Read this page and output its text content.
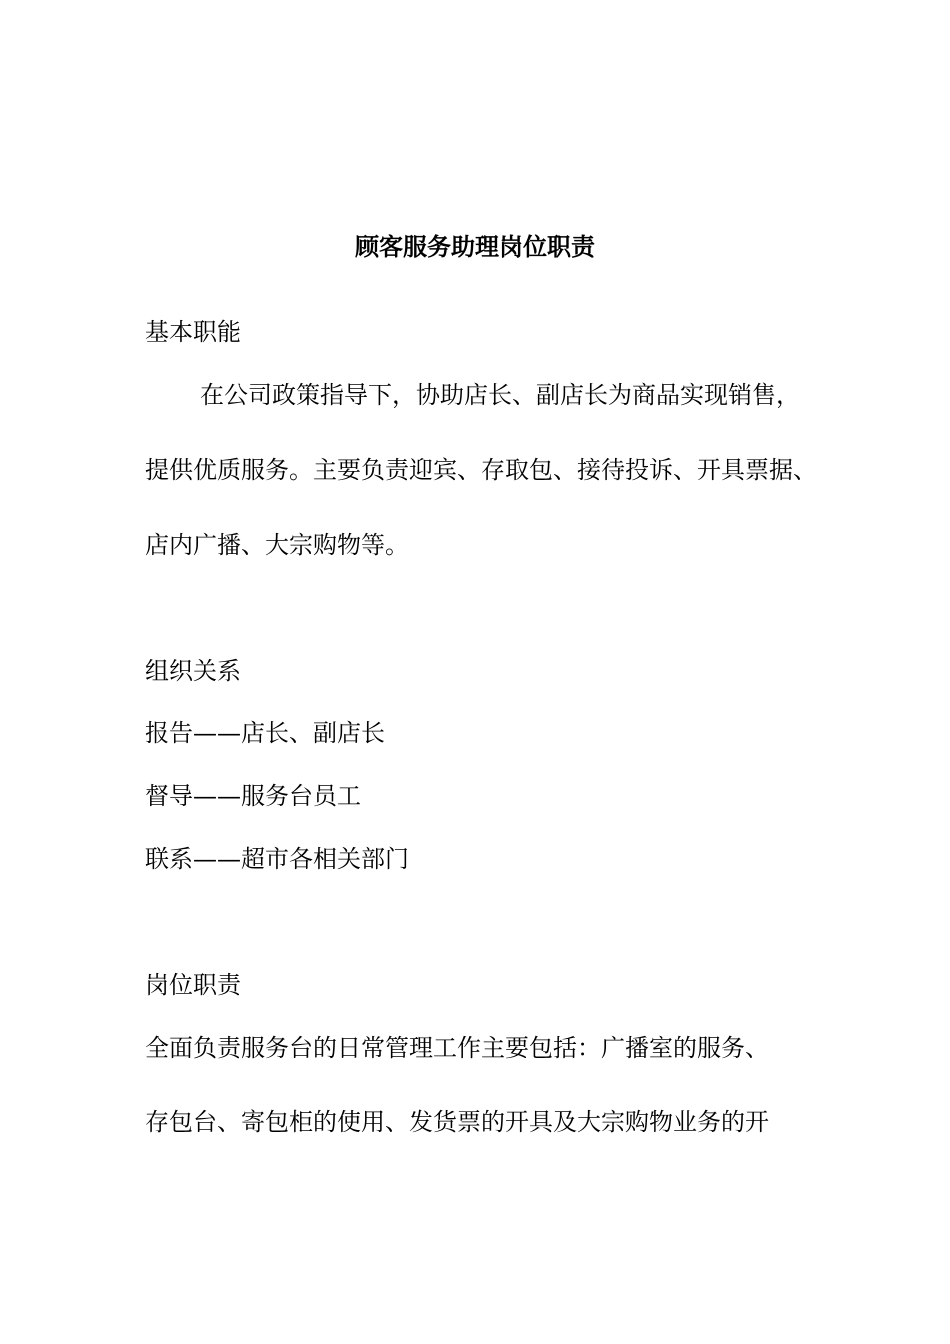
顾客服务助理岗位职责
基本职能
在公司政策指导下，协助店长、副店长为商品实现销售，
提供优质服务。主要负责迎宾、存取包、接待投诉、开具票据、
店内广播、大宗购物等。
组织关系
报告——店长、副店长
督导——服务台员工
联系——超市各相关部门
岗位职责
全面负责服务台的日常管理工作主要包括：广播室的服务、
存包台、寄包柜的使用、发货票的开具及大宗购物业务的开
